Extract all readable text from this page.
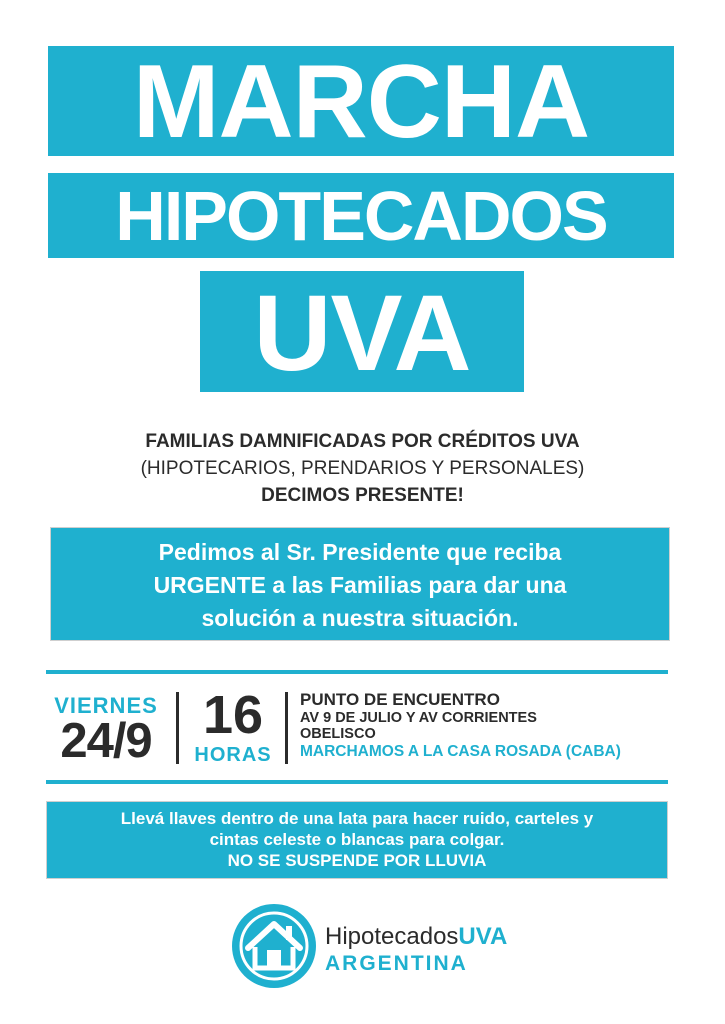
MARCHA
HIPOTECADOS
UVA
FAMILIAS DAMNIFICADAS POR CRÉDITOS UVA
(HIPOTECARIOS, PRENDARIOS Y PERSONALES)
DECIMOS PRESENTE!
Pedimos al Sr. Presidente que reciba
URGENTE a las Familias para dar una
solución a nuestra situación.
VIERNES
24/9 16
HORAS
PUNTO DE ENCUENTRO
AV 9 DE JULIO Y AV CORRIENTES
OBELISCO
MARCHAMOS A LA CASA ROSADA (CABA)
Llevá llaves dentro de una lata para hacer ruido, carteles y
cintas celeste o blancas para colgar.
NO SE SUSPENDE POR LLUVIA
HipotecadosUVA
ARGENTINA
